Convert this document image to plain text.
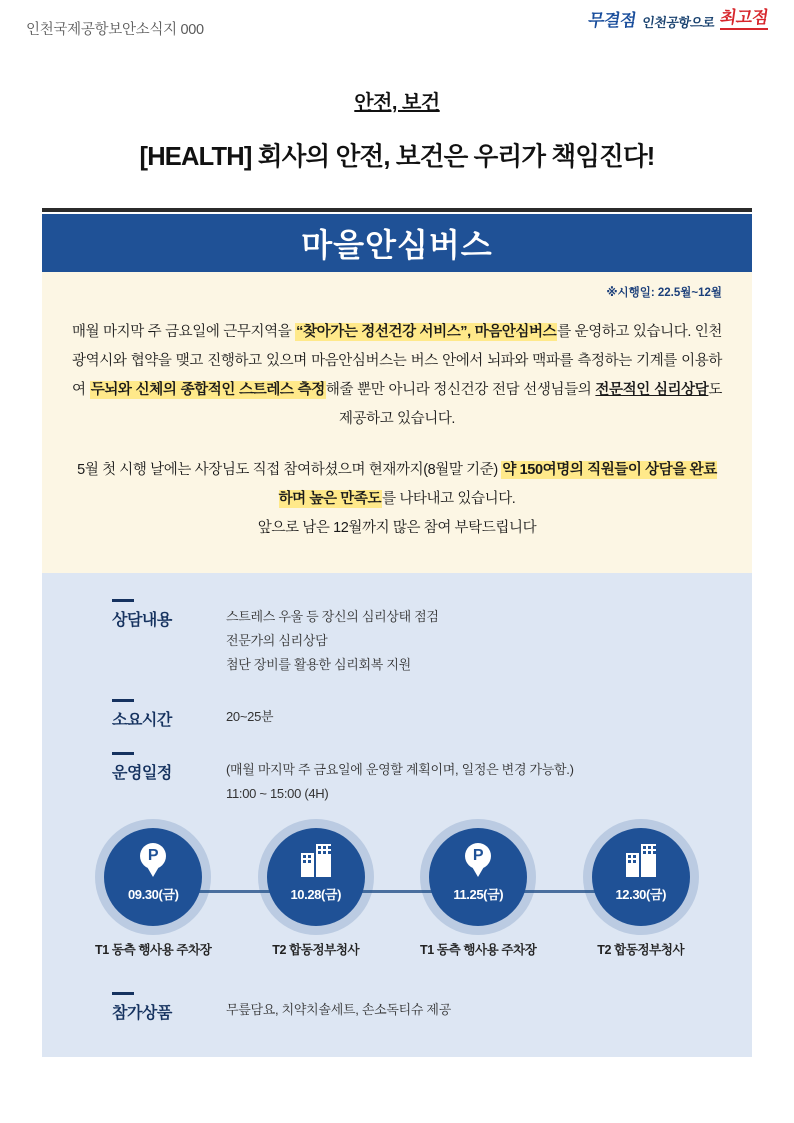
인천국제공항보안소식지 000	무결점 인천공항으로 최고점
안전, 보건
[HEALTH] 회사의 안전, 보건은 우리가 책임진다!
마을안심버스
※시행일: 22.5월~12월
매월 마지막 주 금요일에 근무지역을 “찾아가는 정선건강 서비스”, 마음안심버스를 운영하고 있습니다. 인천광역시와 협약을 맺고 진행하고 있으며 마음안심버스는 버스 안에서 뇌파와 맥파를 측정하는 기계를 이용하여 두뇌와 신체의 종합적인 스트레스 측정해줄 뿐만 아니라 정신건강 전담 선생님들의 전문적인 심리상담도 제공하고 있습니다.
5월 첫 시행 날에는 사장님도 직접 참여하셨으며 현재까지(8월말 기준) 약 150여명의 직원들이 상담을 완료하며 높은 만족도를 나타내고 있습니다.
앞으로 남은 12월까지 많은 참여 부탁드립니다
상담내용	스트레스 우울 등 장신의 심리상태 점검
전문가의 심리상담
첨단 장비를 활용한 심리회복 지원
소요시간	20~25분
운영일정	(매월 마지막 주 금요일에 운영할 계획이며, 일정은 변경 가능함.)
11:00 ~ 15:00 (4H)
P
09.30(금)
T1 동측 행사용 주차장
10.28(금)
T2 합동정부청사
P
11.25(금)
T1 동측 행사용 주차장
12.30(금)
T2 합동정부청사
참가상품	무릎담요, 치약치솔세트, 손소독티슈 제공
